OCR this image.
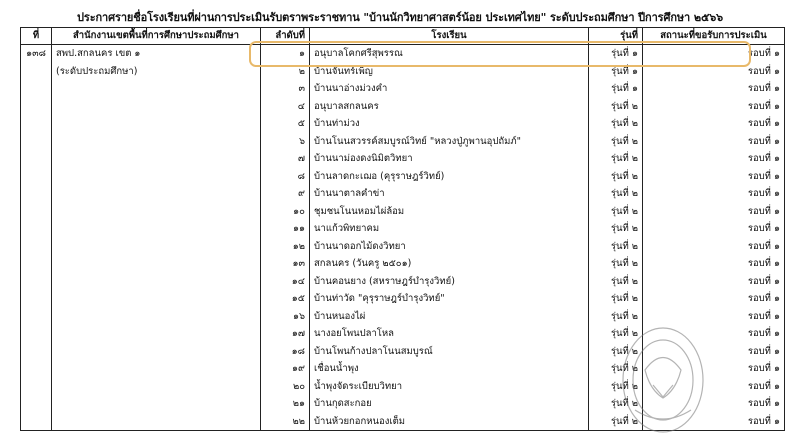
ประกาศรายชื่อโรงเรียนที่ผ่านการประเมินรับตราพระราชทาน "บ้านนักวิทยาศาสตร์น้อย ประเทศไทย" ระดับประถมศึกษา ปีการศึกษา ๒๕๖๖
ที่	สำนักงานเขตพื้นที่การศึกษาประถมศึกษา	ลำดับที่	โรงเรียน	รุ่นที่	สถานะที่ขอรับการประเมิน
๑๓๘	สพป.สกลนคร เขต ๑	๑	อนุบาลโคกศรีสุพรรณ	รุ่นที่ ๑	รอบที่ ๑
	(ระดับประถมศึกษา)	๒	บ้านจันทร์เพ็ญ	รุ่นที่ ๑	รอบที่ ๑
		๓	บ้านนาอ่างม่วงคำ	รุ่นที่ ๑	รอบที่ ๑
		๔	อนุบาลสกลนคร	รุ่นที่ ๒	รอบที่ ๑
		๕	บ้านท่าม่วง	รุ่นที่ ๒	รอบที่ ๑
		๖	บ้านโนนสวรรค์สมบูรณ์วิทย์ "หลวงปู่ภูพานอุปถัมภ์"	รุ่นที่ ๒	รอบที่ ๑
		๗	บ้านนาม่องดงนิมิตวิทยา	รุ่นที่ ๒	รอบที่ ๑
		๘	บ้านลาดกะเฌอ (คุรุราษฎร์วิทย์)	รุ่นที่ ๒	รอบที่ ๑
		๙	บ้านนาตาลคำข่า	รุ่นที่ ๒	รอบที่ ๑
		๑๐	ชุมชนโนนหอมไผ่ล้อม	รุ่นที่ ๒	รอบที่ ๑
		๑๑	นาแก้วพิทยาคม	รุ่นที่ ๒	รอบที่ ๑
		๑๒	บ้านนาดอกไม้ดงวิทยา	รุ่นที่ ๒	รอบที่ ๑
		๑๓	สกลนคร (วันครู ๒๕๐๑)	รุ่นที่ ๒	รอบที่ ๑
		๑๔	บ้านคอนยาง (สหราษฎร์บำรุงวิทย์)	รุ่นที่ ๒	รอบที่ ๑
		๑๕	บ้านท่าวัด "คุรุราษฎร์บำรุงวิทย์"	รุ่นที่ ๒	รอบที่ ๑
		๑๖	บ้านหนองไผ่	รุ่นที่ ๒	รอบที่ ๑
		๑๗	นางอยโพนปลาโหล	รุ่นที่ ๒	รอบที่ ๑
		๑๘	บ้านโพนก้างปลาโนนสมบูรณ์	รุ่นที่ ๒	รอบที่ ๑
		๑๙	เชื่อนน้ำพุง	รุ่นที่ ๒	รอบที่ ๑
		๒๐	น้ำพุงจัดระเบียบวิทยา	รุ่นที่ ๒	รอบที่ ๑
		๒๑	บ้านกุดสะกอย	รุ่นที่ ๒	รอบที่ ๑
		๒๒	บ้านห้วยกอกหนองเต็ม	รุ่นที่ ๒	รอบที่ ๑
